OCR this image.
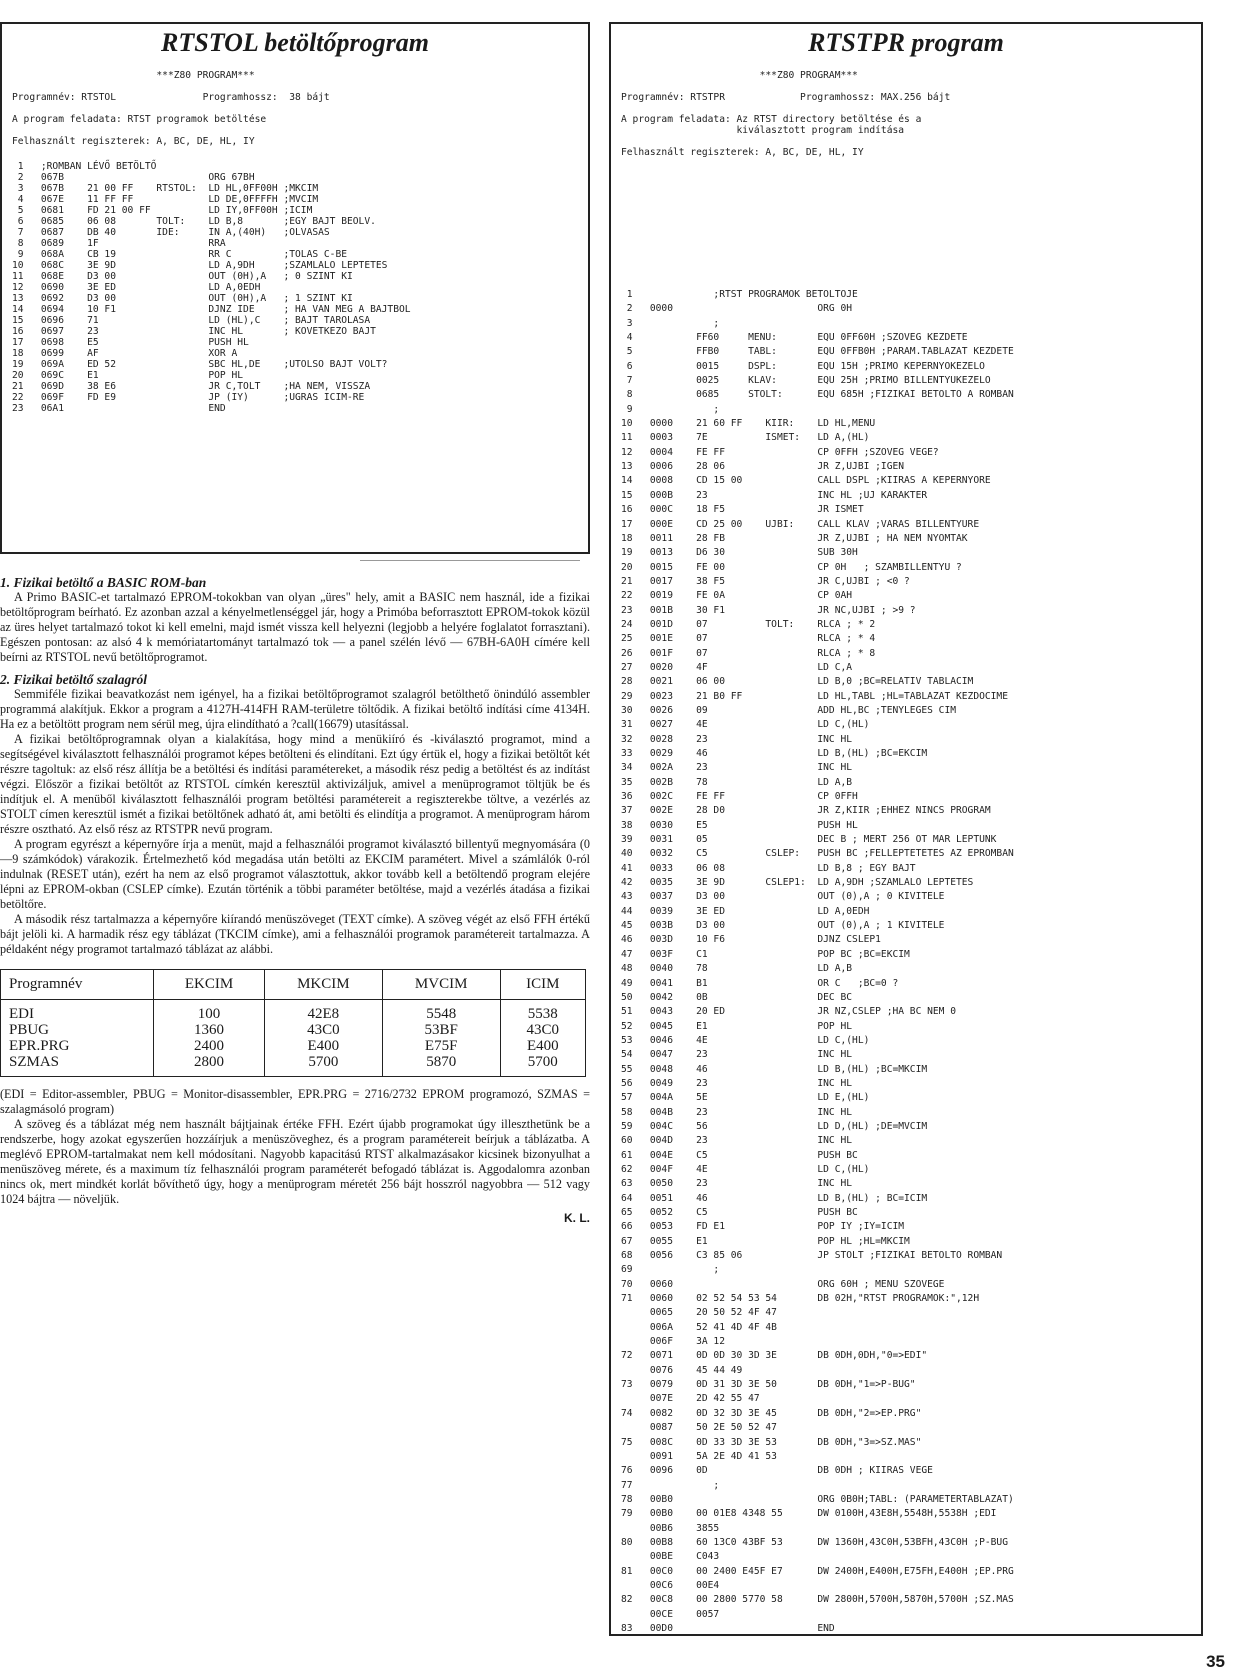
RTSTOL betöltőprogram
***Z80 PROGRAM***

Programnév: RTSTOL               Programhossz:  38 bájt

A program feladata: RTST programok betöltése

Felhasznált regiszterek: A, BC, DE, HL, IY
1   ;ROMBAN LÉVŐ BETÖLTŐ
2   067B                         ORG 67BH
3   067B    21 00 FF    RTSTOL:  LD HL,0FF00H ;MKCIM
4   067E    11 FF FF             LD DE,0FFFFH ;MVCIM
5   0681    FD 21 00 FF          LD IY,0FF00H ;ICIM
6   0685    06 08       TOLT:    LD B,8       ;EGY BAJT BEOLV.
7   0687    DB 40       IDE:     IN A,(40H)   ;OLVASAS
8   0689    1F                   RRA
9   068A    CB 19                RR C         ;TOLAS C-BE
10   068C    3E 9D                LD A,9DH     ;SZAMLALO LEPTETES
11   068E    D3 00                OUT (0H),A   ; 0 SZINT KI
12   0690    3E ED                LD A,0EDH
13   0692    D3 00                OUT (0H),A   ; 1 SZINT KI
14   0694    10 F1                DJNZ IDE     ; HA VAN MEG A BAJTBOL
15   0696    71                   LD (HL),C    ; BAJT TAROLASA
16   0697    23                   INC HL       ; KOVETKEZO BAJT
17   0698    E5                   PUSH HL
18   0699    AF                   XOR A
19   069A    ED 52                SBC HL,DE    ;UTOLSO BAJT VOLT?
20   069C    E1                   POP HL
21   069D    38 E6                JR C,TOLT    ;HA NEM, VISSZA
22   069F    FD E9                JP (IY)      ;UGRAS ICIM-RE
23   06A1                         END
1. Fizikai betöltő a BASIC ROM-ban

A Primo BASIC-et tartalmazó EPROM-tokokban van olyan „üres" hely, amit a BASIC nem használ, ide a fizikai betöltőprogram beírható. Ez azonban azzal a kényelmetlenséggel jár, hogy a Primóba beforrasztott EPROM-tokok közül az üres helyet tartalmazó tokot ki kell emelni, majd ismét vissza kell helyezni (legjobb a helyére foglalatot forrasztani). Egészen pontosan: az alsó 4 k memóriatartományt tartalmazó tok — a panel szélén lévő — 67BH-6A0H címére kell beírni az RTSTOL nevű betöltőprogramot.

2. Fizikai betöltő szalagról

Semmiféle fizikai beavatkozást nem igényel, ha a fizikai betöltőprogramot szalagról betölthető önindúló assembler programmá alakítjuk. Ekkor a program a 4127H-414FH RAM-területre töltődik. A fizikai betöltő indítási címe 4134H. Ha ez a betöltött program nem sérül meg, újra elindítható a ?call(16679) utasítással.

A fizikai betöltőprogramnak olyan a kialakítása, hogy mind a menükiíró és -kiválasztó programot, mind a segítségével kiválasztott felhasználói programot képes betölteni és elindítani. Ezt úgy értük el, hogy a fizikai betöltőt két részre tagoltuk: az első rész állítja be a betöltési és indítási paramétereket, a második rész pedig a betöltést és az indítást végzi. Először a fizikai betöltőt az RTSTOL címkén keresztül aktivizáljuk, amivel a menüprogramot töltjük be és indítjuk el. A menüből kiválasztott felhasználói program betöltési paramétereit a regiszterekbe töltve, a vezérlés az STOLT címen keresztül ismét a fizikai betöltőnek adható át, ami betölti és elindítja a programot. A menüprogram három részre osztható. Az első rész az RTSTPR nevű program.

A program egyrészt a képernyőre írja a menüt, majd a felhasználói programot kiválasztó billentyű megnyomására (0—9 számkódok) várakozik. Értelmezhető kód megadása után betölti az EKCIM paramétert. Mivel a számlálók 0-ról indulnak (RESET után), ezért ha nem az első programot választottuk, akkor tovább kell a betöltendő program elejére lépni az EPROM-okban (CSLEP címke). Ezután történik a többi paraméter betöltése, majd a vezérlés átadása a fizikai betöltőre.

A második rész tartalmazza a képernyőre kiírandó menüszöveget (TEXT címke). A szöveg végét az első FFH értékű bájt jelöli ki. A harmadik rész egy táblázat (TKCIM címke), ami a felhasználói programok paramétereit tartalmazza. A példaként négy programot tartalmazó táblázat az alábbi.

Programnév	EKCIM	MKCIM	MVCIM	ICIM
EDI	100	42E8	5548	5538
PBUG	1360	43C0	53BF	43C0
EPR.PRG	2400	E400	E75F	E400
SZMAS	2800	5700	5870	5700

(EDI = Editor-assembler, PBUG = Monitor-disassembler, EPR.PRG = 2716/2732 EPROM programozó, SZMAS = szalagmásoló program)

A szöveg és a táblázat még nem használt bájtjainak értéke FFH. Ezért újabb programokat úgy illeszthetünk be a rendszerbe, hogy azokat egyszerűen hozzáírjuk a menüszöveghez, és a program paramétereit beírjuk a táblázatba. A meglévő EPROM-tartalmakat nem kell módosítani. Nagyobb kapacitású RTST alkalmazásakor kicsinek bizonyulhat a menüszöveg mérete, és a maximum tíz felhasználói program paraméterét befogadó táblázat is. Aggodalomra azonban nincs ok, mert mindkét korlát bővíthető úgy, hogy a menüprogram méretét 256 bájt hosszról nagyobbra — 512 vagy 1024 bájtra — növeljük.

K. L.
RTSTPR program
***Z80 PROGRAM***

Programnév: RTSTPR             Programhossz: MAX.256 bájt

A program feladata: Az RTST directory betöltése és a
kiválasztott program indítása

Felhasznált regiszterek: A, BC, DE, HL, IY
1              ;RTST PROGRAMOK BETOLTOJE
2   0000                         ORG 0H
3              ;
4           FF60     MENU:       EQU 0FF60H ;SZOVEG KEZDETE
5           FFB0     TABL:       EQU 0FFB0H ;PARAM.TABLAZAT KEZDETE
6           0015     DSPL:       EQU 15H ;PRIMO KEPERNYOKEZELO
7           0025     KLAV:       EQU 25H ;PRIMO BILLENTYUKEZELO
8           0685     STOLT:      EQU 685H ;FIZIKAI BETOLTO A ROMBAN
9              ;
10   0000    21 60 FF    KIIR:    LD HL,MENU
11   0003    7E          ISMET:   LD A,(HL)
12   0004    FE FF                CP 0FFH ;SZOVEG VEGE?
13   0006    28 06                JR Z,UJBI ;IGEN
14   0008    CD 15 00             CALL DSPL ;KIIRAS A KEPERNYORE
15   000B    23                   INC HL ;UJ KARAKTER
16   000C    18 F5                JR ISMET
17   000E    CD 25 00    UJBI:    CALL KLAV ;VARAS BILLENTYURE
18   0011    28 FB                JR Z,UJBI ; HA NEM NYOMTAK
19   0013    D6 30                SUB 30H
20   0015    FE 00                CP 0H   ; SZAMBILLENTYU ?
21   0017    38 F5                JR C,UJBI ; <0 ?
22   0019    FE 0A                CP 0AH
23   001B    30 F1                JR NC,UJBI ; >9 ?
24   001D    07          TOLT:    RLCA ; * 2
25   001E    07                   RLCA ; * 4
26   001F    07                   RLCA ; * 8
27   0020    4F                   LD C,A
28   0021    06 00                LD B,0 ;BC=RELATIV TABLACIM
29   0023    21 B0 FF             LD HL,TABL ;HL=TABLAZAT KEZDOCIME
30   0026    09                   ADD HL,BC ;TENYLEGES CIM
31   0027    4E                   LD C,(HL)
32   0028    23                   INC HL
33   0029    46                   LD B,(HL) ;BC=EKCIM
34   002A    23                   INC HL
35   002B    78                   LD A,B
36   002C    FE FF                CP 0FFH
37   002E    28 D0                JR Z,KIIR ;EHHEZ NINCS PROGRAM
38   0030    E5                   PUSH HL
39   0031    05                   DEC B ; MERT 256 OT MAR LEPTUNK
40   0032    C5          CSLEP:   PUSH BC ;FELLEPTETETES AZ EPROMBAN
41   0033    06 08                LD B,8 ; EGY BAJT
42   0035    3E 9D       CSLEP1:  LD A,9DH ;SZAMLALO LEPTETES
43   0037    D3 00                OUT (0),A ; 0 KIVITELE
44   0039    3E ED                LD A,0EDH
45   003B    D3 00                OUT (0),A ; 1 KIVITELE
46   003D    10 F6                DJNZ CSLEP1
47   003F    C1                   POP BC ;BC=EKCIM
48   0040    78                   LD A,B
49   0041    B1                   OR C   ;BC=0 ?
50   0042    0B                   DEC BC
51   0043    20 ED                JR NZ,CSLEP ;HA BC NEM 0
52   0045    E1                   POP HL
53   0046    4E                   LD C,(HL)
54   0047    23                   INC HL
55   0048    46                   LD B,(HL) ;BC=MKCIM
56   0049    23                   INC HL
57   004A    5E                   LD E,(HL)
58   004B    23                   INC HL
59   004C    56                   LD D,(HL) ;DE=MVCIM
60   004D    23                   INC HL
61   004E    C5                   PUSH BC
62   004F    4E                   LD C,(HL)
63   0050    23                   INC HL
64   0051    46                   LD B,(HL) ; BC=ICIM
65   0052    C5                   PUSH BC
66   0053    FD E1                POP IY ;IY=ICIM
67   0055    E1                   POP HL ;HL=MKCIM
68   0056    C3 85 06             JP STOLT ;FIZIKAI BETOLTO ROMBAN
69              ;
70   0060                         ORG 60H ; MENU SZOVEGE
71   0060    02 52 54 53 54       DB 02H,"RTST PROGRAMOK:",12H
0065    20 50 52 4F 47
006A    52 41 4D 4F 4B
006F    3A 12
72   0071    0D 0D 30 3D 3E       DB 0DH,0DH,"0=>EDI"
0076    45 44 49
73   0079    0D 31 3D 3E 50       DB 0DH,"1=>P-BUG"
007E    2D 42 55 47
74   0082    0D 32 3D 3E 45       DB 0DH,"2=>EP.PRG"
0087    50 2E 50 52 47
75   008C    0D 33 3D 3E 53       DB 0DH,"3=>SZ.MAS"
0091    5A 2E 4D 41 53
76   0096    0D                   DB 0DH ; KIIRAS VEGE
77              ;
78   00B0                         ORG 0B0H;TABL: (PARAMETERTABLAZAT)
79   00B0    00 01E8 4348 55      DW 0100H,43E8H,5548H,5538H ;EDI
00B6    3855
80   00B8    60 13C0 43BF 53      DW 1360H,43C0H,53BFH,43C0H ;P-BUG
00BE    C043
81   00C0    00 2400 E45F E7      DW 2400H,E400H,E75FH,E400H ;EP.PRG
00C6    00E4
82   00C8    00 2800 5770 58      DW 2800H,5700H,5870H,5700H ;SZ.MAS
00CE    0057
83   00D0                         END
35
